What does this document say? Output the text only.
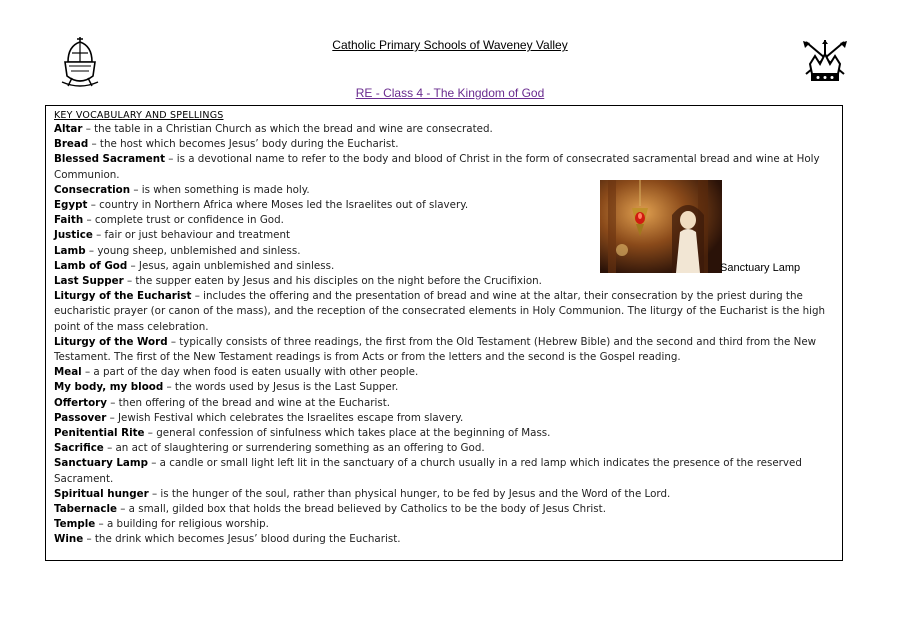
Catholic Primary Schools of Waveney Valley
RE - Class 4 - The Kingdom of God
KEY VOCABULARY AND SPELLINGS
Altar – the table in a Christian Church as which the bread and wine are consecrated.
Bread – the host which becomes Jesus’ body during the Eucharist.
Blessed Sacrament – is a devotional name to refer to the body and blood of Christ in the form of consecrated sacramental bread and wine at Holy Communion.
Consecration – is when something is made holy.
Egypt – country in Northern Africa where Moses led the Israelites out of slavery.
Faith – complete trust or confidence in God.
Justice – fair or just behaviour and treatment
Lamb – young sheep, unblemished and sinless.
Lamb of God – Jesus, again unblemished and sinless.
Last Supper – the supper eaten by Jesus and his disciples on the night before the Crucifixion.
Liturgy of the Eucharist – includes the offering and the presentation of bread and wine at the altar, their consecration by the priest during the eucharistic prayer (or canon of the mass), and the reception of the consecrated elements in Holy Communion. The liturgy of the Eucharist is the high point of the mass celebration.
Liturgy of the Word – typically consists of three readings, the first from the Old Testament (Hebrew Bible) and the second and third from the New Testament. The first of the New Testament readings is from Acts or from the letters and the second is the Gospel reading.
Meal – a part of the day when food is eaten usually with other people.
My body, my blood – the words used by Jesus is the Last Supper.
Offertory – then offering of the bread and wine at the Eucharist.
Passover – Jewish Festival which celebrates the Israelites escape from slavery.
Penitential Rite – general confession of sinfulness which takes place at the beginning of Mass.
Sacrifice – an act of slaughtering or surrendering something as an offering to God.
Sanctuary Lamp – a candle or small light left lit in the sanctuary of a church usually in a red lamp which indicates the presence of the reserved Sacrament.
Spiritual hunger – is the hunger of the soul, rather than physical hunger, to be fed by Jesus and the Word of the Lord.
Tabernacle – a small, gilded box that holds the bread believed by Catholics to be the body of Jesus Christ.
Temple – a building for religious worship.
Wine – the drink which becomes Jesus’ blood during the Eucharist.
Sanctuary Lamp
